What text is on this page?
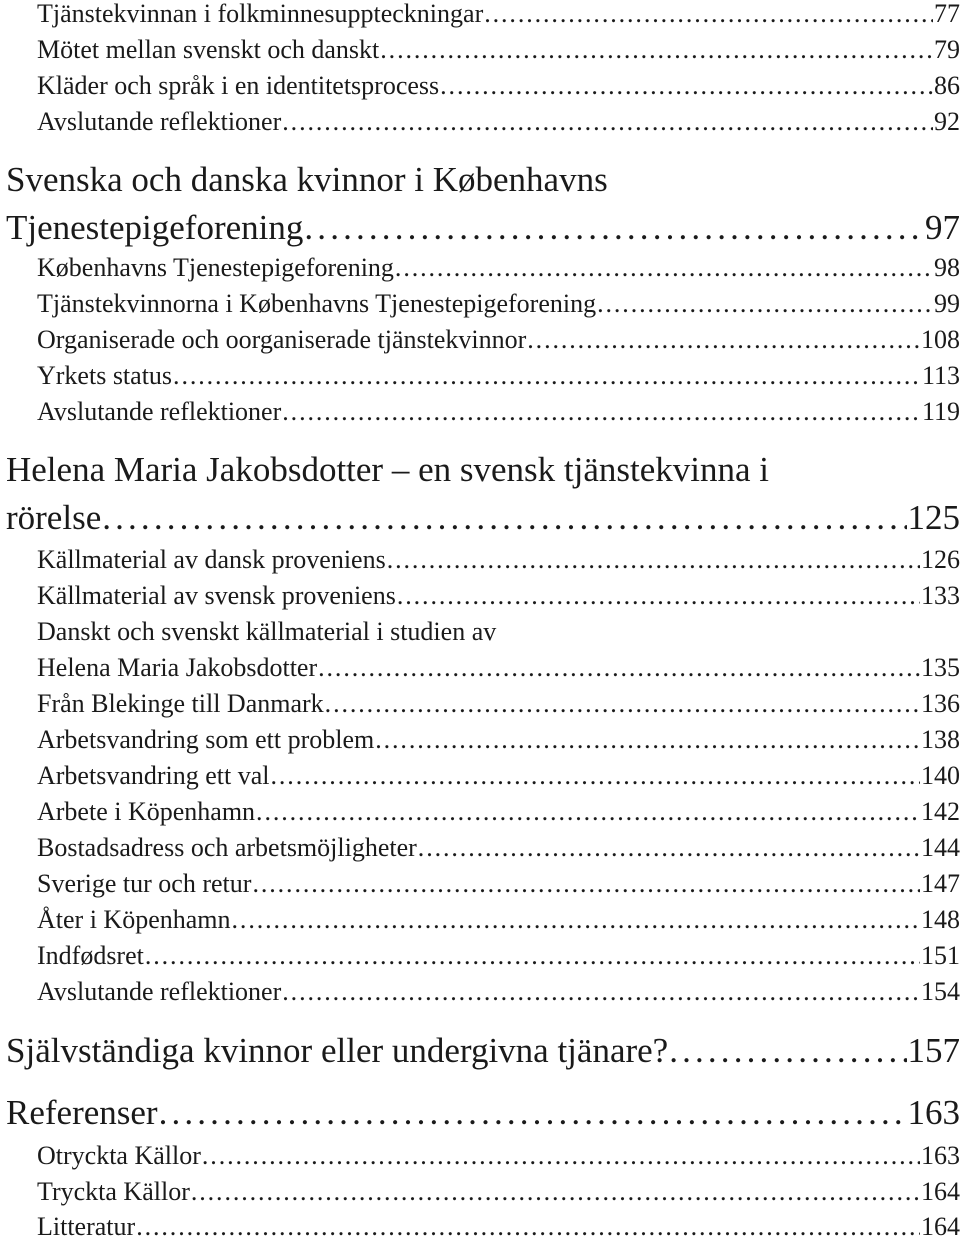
Tjänstekvinnan i folkminnesuppteckningar . . .	77
Mötet mellan svenskt och danskt . . .	79
Kläder och språk i en identitetsprocess . . .	86
Avslutande reflektioner . . .	92
Svenska och danska kvinnor i Københavns
Tjenestepigeforening . . .	97
Københavns Tjenestepigeforening . . .	98
Tjänstekvinnorna i Københavns Tjenestepigeforening . . .	99
Organiserade och oorganiserade tjänstekvinnor . . .	108
Yrkets status . . .	113
Avslutande reflektioner . . .	119
Helena Maria Jakobsdotter – en svensk tjänstekvinna i
rörelse . . .	125
Källmaterial av dansk proveniens . . .	126
Källmaterial av svensk proveniens . . .	133
Danskt och svenskt källmaterial i studien av
Helena Maria Jakobsdotter . . .	135
Från Blekinge till Danmark . . .	136
Arbetsvandring som ett problem . . .	138
Arbetsvandring ett val . . .	140
Arbete i Köpenhamn . . .	142
Bostadsadress och arbetsmöjligheter . . .	144
Sverige tur och retur . . .	147
Åter i Köpenhamn . . .	148
Indfødsret . . .	151
Avslutande reflektioner . . .	154
Självständiga kvinnor eller undergivna tjänare? . . .	157
Referenser . . .	163
Otryckta Källor . . .	163
Tryckta Källor . . .	164
Litteratur . . .	164
